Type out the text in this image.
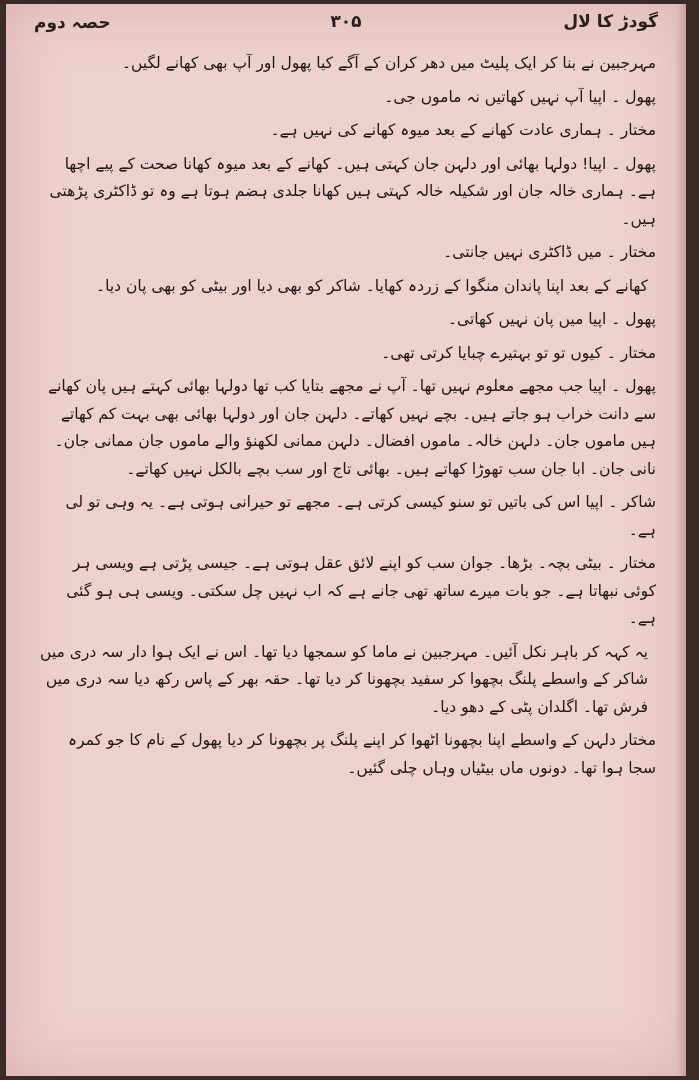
گودڑ کا لال
۳۰۵
حصہ دوم

مہرجبین نے بنا کر ایک پلیٹ میں دھر کران کے آگے کیا پھول اور آپ بھی کھانے لگیں۔

پھول ۔ اپیا آپ نہیں کھاتیں نہ ماموں جی۔

مختار ۔ ہماری عادت کھانے کے بعد میوہ کھانے کی نہیں ہے۔

پھول ۔ اپیا! دولہا بھائی اور دلہن جان کہتی ہیں۔ کھانے کے بعد میوہ کھانا صحت کے پیے اچھا ہے۔ ہماری خالہ جان اور شکیلہ خالہ کہتی ہیں کھانا جلدی ہضم ہوتا ہے وہ تو ڈاکٹری پڑھتی ہیں۔

مختار ۔ میں ڈاکٹری نہیں جانتی۔

کھانے کے بعد اپنا پاندان منگوا کے زردہ کھایا۔ شاکر کو بھی دیا اور بیٹی کو بھی پان دیا۔

پھول ۔ اپیا میں پان نہیں کھاتی۔

مختار ۔ کیوں تو تو بہتیرے چبایا کرتی تھی۔

پھول ۔ اپیا جب مجھے معلوم نہیں تھا۔ آپ نے مجھے بتایا کب تھا دولہا بھائی کہتے ہیں پان کھانے سے دانت خراب ہو جاتے ہیں۔ بچے نہیں کھاتے۔ دلہن جان اور دولہا بھائی بھی بہت کم کھاتے ہیں ماموں جان۔ دلہن خالہ۔ ماموں افضال۔ دلہن ممانی لکھنؤ والے ماموں جان ممانی جان۔ نانی جان۔ ابا جان سب تھوڑا کھاتے ہیں۔ بھائی تاج اور سب بچے بالکل نہیں کھاتے۔

شاکر ۔ اپیا اس کی باتیں تو سنو کیسی کرتی ہے۔ مجھے تو حیرانی ہوتی ہے۔ یہ وہی تو لی ہے۔

مختار ۔ بیٹی بچہ۔ بڑھا۔ جوان سب کو اپنے لائق عقل ہوتی ہے۔ جیسی پڑتی ہے ویسی ہر کوئی نبھاتا ہے۔ جو بات میرے ساتھ تھی جانے ہے کہ اب نہیں چل سکتی۔ ویسی ہی ہو گئی ہے۔

یہ کہہ کر باہر نکل آئیں۔ مہرجبین نے ماما کو سمجھا دیا تھا۔ اس نے ایک ہوا دار سہ دری میں شاکر کے واسطے پلنگ بچھوا کر سفید بچھونا کر دیا تھا۔ حقہ بھر کے پاس رکھ دیا سہ دری میں فرش تھا۔ اگلدان پٹی کے دھو دیا۔

مختار دلہن کے واسطے اپنا بچھونا اٹھوا کر اپنے پلنگ پر بچھونا کر دیا پھول کے نام کا جو کمرہ سجا ہوا تھا۔ دونوں ماں بیٹیاں وہاں چلی گئیں۔
